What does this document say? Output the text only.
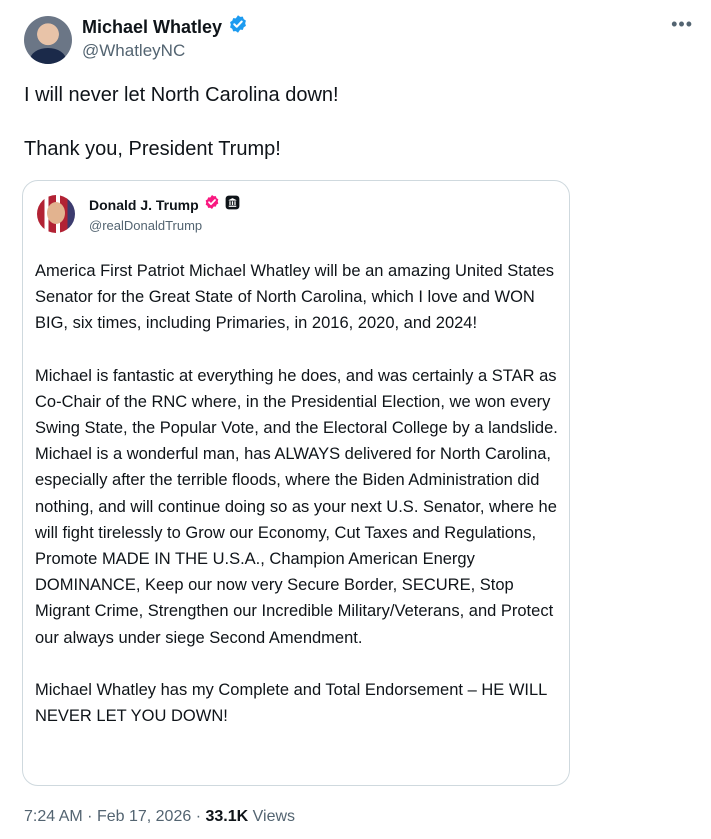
Michael Whatley
@WhatleyNC
•••

I will never let North Carolina down!

Thank you, President Trump!

Donald J. Trump
@realDonaldTrump

America First Patriot Michael Whatley will be an amazing United States Senator for the Great State of North Carolina, which I love and WON BIG, six times, including Primaries, in 2016, 2020, and 2024!

Michael is fantastic at everything he does, and was certainly a STAR as Co-Chair of the RNC where, in the Presidential Election, we won every Swing State, the Popular Vote, and the Electoral College by a landslide. Michael is a wonderful man, has ALWAYS delivered for North Carolina, especially after the terrible floods, where the Biden Administration did nothing, and will continue doing so as your next U.S. Senator, where he will fight tirelessly to Grow our Economy, Cut Taxes and Regulations, Promote MADE IN THE U.S.A., Champion American Energy DOMINANCE, Keep our now very Secure Border, SECURE, Stop Migrant Crime, Strengthen our Incredible Military/Veterans, and Protect our always under siege Second Amendment.

Michael Whatley has my Complete and Total Endorsement – HE WILL NEVER LET YOU DOWN!

7:24 AM · Feb 17, 2026 · 33.1K Views
